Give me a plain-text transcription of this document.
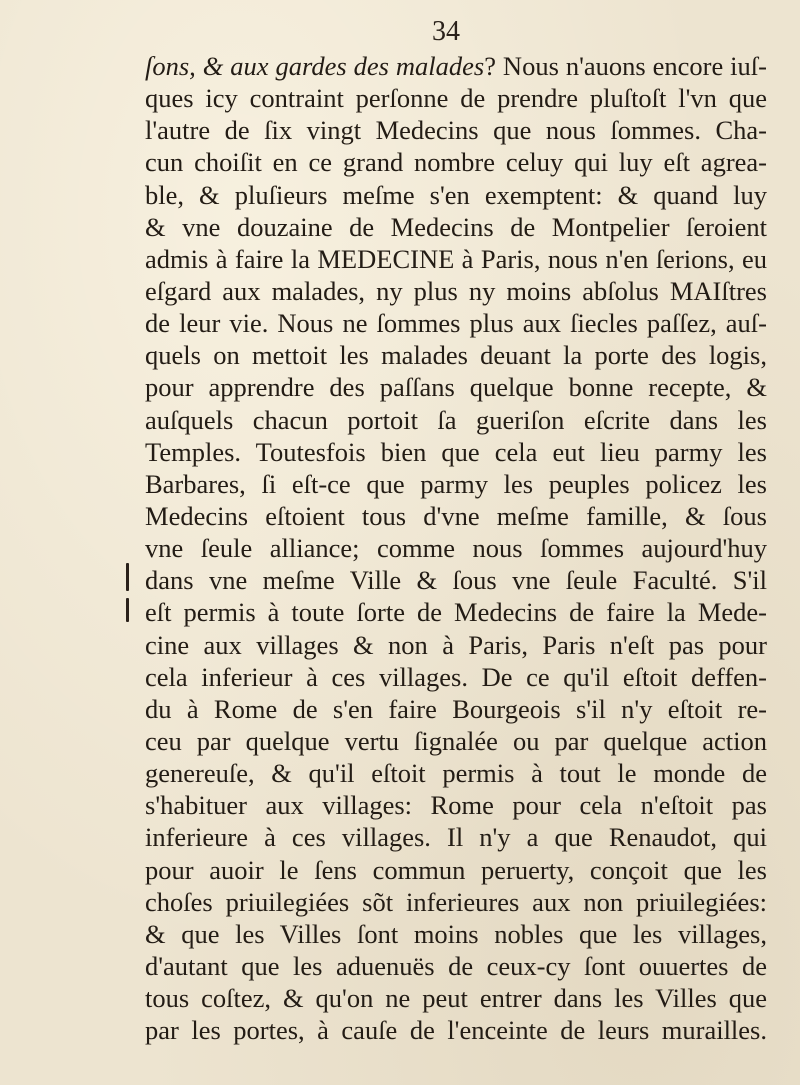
34
ſons, & aux gardes des malades? Nous n'auons encore iuſ-
ques icy contraint perſonne de prendre pluſtoſt l'vn que
l'autre de ſix vingt Medecins que nous ſommes. Cha-
cun choiſit en ce grand nombre celuy qui luy eſt agrea-
ble, & pluſieurs meſme s'en exemptent: & quand luy
& vne douzaine de Medecins de Montpelier ſeroient
admis à faire la MEDECINE à Paris, nous n'en ſerions, eu
eſgard aux malades, ny plus ny moins abſolus MAIſtres
de leur vie. Nous ne ſommes plus aux ſiecles paſſez, auſ-
quels on mettoit les malades deuant la porte des logis,
pour apprendre des paſſans quelque bonne recepte, &
auſquels chacun portoit ſa gueriſon eſcrite dans les
Temples. Toutesfois bien que cela eut lieu parmy les
Barbares, ſi eſt-ce que parmy les peuples policez les
Medecins eſtoient tous d'vne meſme famille, & ſous
vne ſeule alliance; comme nous ſommes aujourd'huy
dans vne meſme Ville & ſous vne ſeule Faculté. S'il
eſt permis à toute ſorte de Medecins de faire la Mede-
cine aux villages & non à Paris, Paris n'eſt pas pour
cela inferieur à ces villages. De ce qu'il eſtoit deffen-
du à Rome de s'en faire Bourgeois s'il n'y eſtoit re-
ceu par quelque vertu ſignalée ou par quelque action
genereuſe, & qu'il eſtoit permis à tout le monde de
s'habituer aux villages: Rome pour cela n'eſtoit pas
inferieure à ces villages. Il n'y a que Renaudot, qui
pour auoir le ſens commun peruerty, conçoit que les
choſes priuilegiées sõt inferieures aux non priuilegiées:
& que les Villes ſont moins nobles que les villages,
d'autant que les aduenuës de ceux-cy ſont ouuertes de
tous coſtez, & qu'on ne peut entrer dans les Villes que
par les portes, à cauſe de l'enceinte de leurs murailles.
